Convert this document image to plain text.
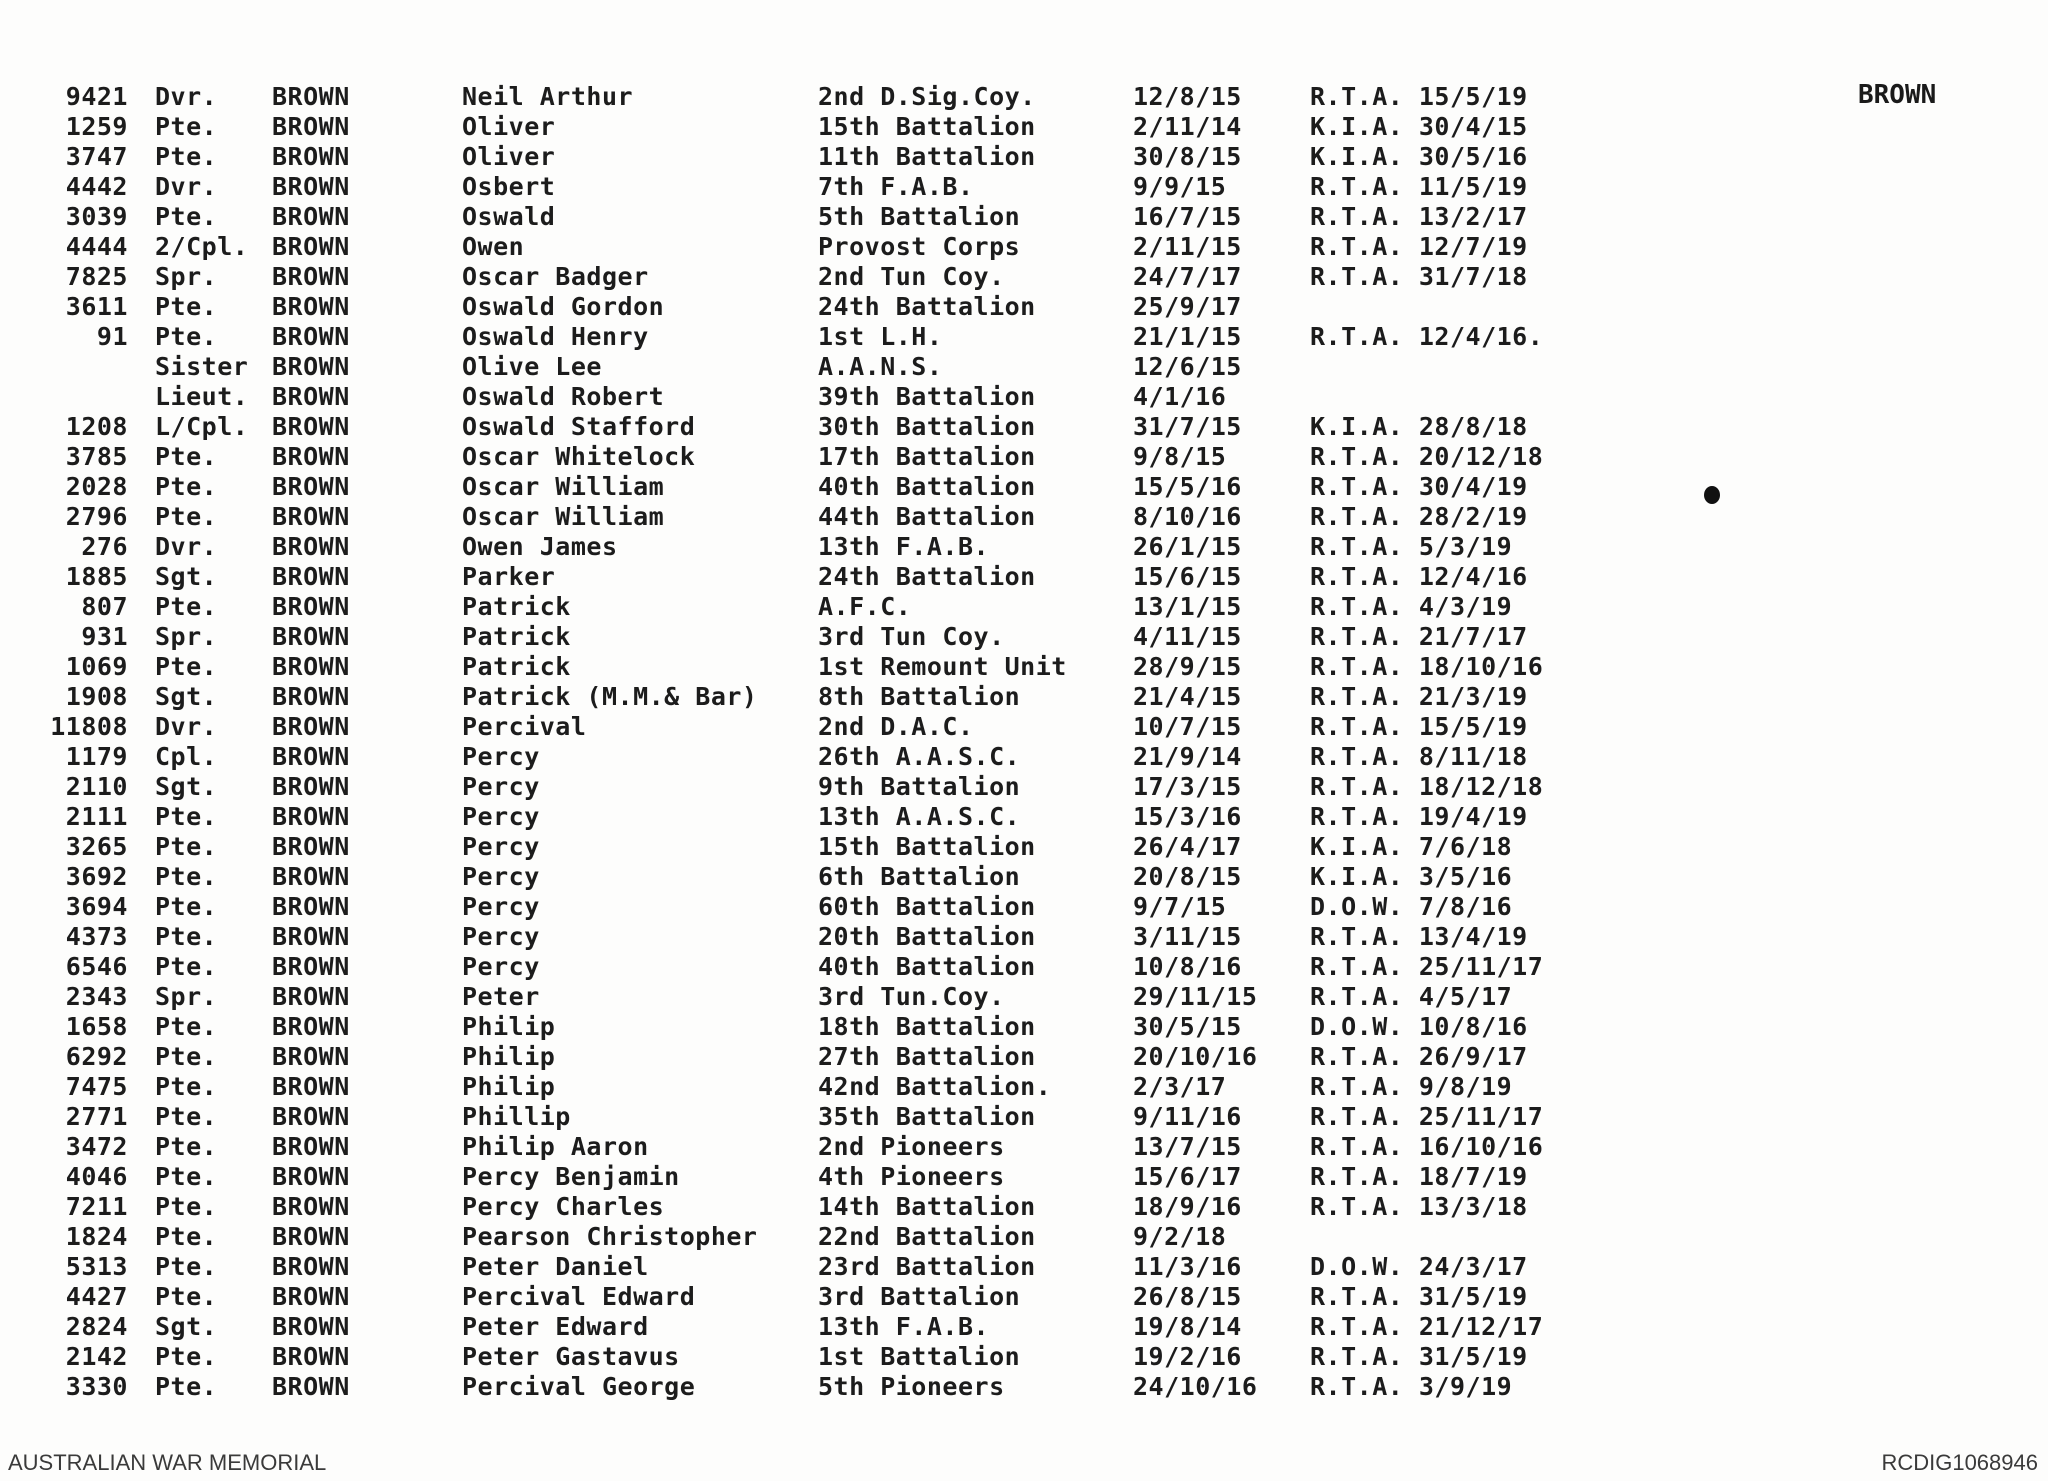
BROWN
9421 Dvr. BROWN	Neil Arthur	2nd D.Sig.Coy.	12/8/15	R.T.A. 15/5/19
1259 Pte. BROWN	Oliver	15th Battalion	2/11/14	K.I.A. 30/4/15
3747 Pte. BROWN	Oliver	11th Battalion	30/8/15	K.I.A. 30/5/16
4442 Dvr. BROWN	Osbert	7th F.A.B.	9/9/15	R.T.A. 11/5/19
3039 Pte. BROWN	Oswald	5th Battalion	16/7/15	R.T.A. 13/2/17
4444 2/Cpl. BROWN	Owen	Provost Corps	2/11/15	R.T.A. 12/7/19
7825 Spr. BROWN	Oscar Badger	2nd Tun Coy.	24/7/17	R.T.A. 31/7/18
3611 Pte. BROWN	Oswald Gordon	24th Battalion	25/9/17
91 Pte. BROWN	Oswald Henry	1st L.H.	21/1/15	R.T.A. 12/4/16.
Sister BROWN	Olive Lee	A.A.N.S.	12/6/15
Lieut. BROWN	Oswald Robert	39th Battalion	4/1/16
1208 L/Cpl. BROWN	Oswald Stafford	30th Battalion	31/7/15	K.I.A. 28/8/18
3785 Pte. BROWN	Oscar Whitelock	17th Battalion	9/8/15	R.T.A. 20/12/18
2028 Pte. BROWN	Oscar William	40th Battalion	15/5/16	R.T.A. 30/4/19
2796 Pte. BROWN	Oscar William	44th Battalion	8/10/16	R.T.A. 28/2/19
276 Dvr. BROWN	Owen James	13th F.A.B.	26/1/15	R.T.A. 5/3/19
1885 Sgt. BROWN	Parker	24th Battalion	15/6/15	R.T.A. 12/4/16
807 Pte. BROWN	Patrick	A.F.C.	13/1/15	R.T.A. 4/3/19
931 Spr. BROWN	Patrick	3rd Tun Coy.	4/11/15	R.T.A. 21/7/17
1069 Pte. BROWN	Patrick	1st Remount Unit	28/9/15	R.T.A. 18/10/16
1908 Sgt. BROWN	Patrick (M.M.& Bar) 8th Battalion	21/4/15	R.T.A. 21/3/19
11808 Dvr. BROWN	Percival	2nd D.A.C.	10/7/15	R.T.A. 15/5/19
1179 Cpl. BROWN	Percy	26th A.A.S.C.	21/9/14	R.T.A. 8/11/18
2110 Sgt. BROWN	Percy	9th Battalion	17/3/15	R.T.A. 18/12/18
2111 Pte. BROWN	Percy	13th A.A.S.C.	15/3/16	R.T.A. 19/4/19
3265 Pte. BROWN	Percy	15th Battalion	26/4/17	K.I.A. 7/6/18
3692 Pte. BROWN	Percy	6th Battalion	20/8/15	K.I.A. 3/5/16
3694 Pte. BROWN	Percy	60th Battalion	9/7/15	D.O.W. 7/8/16
4373 Pte. BROWN	Percy	20th Battalion	3/11/15	R.T.A. 13/4/19
6546 Pte. BROWN	Percy	40th Battalion	10/8/16	R.T.A. 25/11/17
2343 Spr. BROWN	Peter	3rd Tun.Coy.	29/11/15 R.T.A. 4/5/17
1658 Pte. BROWN	Philip	18th Battalion	30/5/15	D.O.W. 10/8/16
6292 Pte. BROWN	Philip	27th Battalion	20/10/16 R.T.A. 26/9/17
7475 Pte. BROWN	Philip	42nd Battalion.	2/3/17	R.T.A. 9/8/19
2771 Pte. BROWN	Phillip	35th Battalion	9/11/16	R.T.A. 25/11/17
3472 Pte. BROWN	Philip Aaron	2nd Pioneers	13/7/15	R.T.A. 16/10/16
4046 Pte. BROWN	Percy Benjamin	4th Pioneers	15/6/17	R.T.A. 18/7/19
7211 Pte. BROWN	Percy Charles	14th Battalion	18/9/16	R.T.A. 13/3/18
1824 Pte. BROWN	Pearson Christopher 22nd Battalion	9/2/18
5313 Pte. BROWN	Peter Daniel	23rd Battalion	11/3/16	D.O.W. 24/3/17
4427 Pte. BROWN	Percival Edward	3rd Battalion	26/8/15	R.T.A. 31/5/19
2824 Sgt. BROWN	Peter Edward	13th F.A.B.	19/8/14	R.T.A. 21/12/17
2142 Pte. BROWN	Peter Gastavus	1st Battalion	19/2/16	R.T.A. 31/5/19
3330 Pte. BROWN	Percival George	5th Pioneers	24/10/16 R.T.A. 3/9/19
AUSTRALIAN WAR MEMORIAL	RCDIG1068946
